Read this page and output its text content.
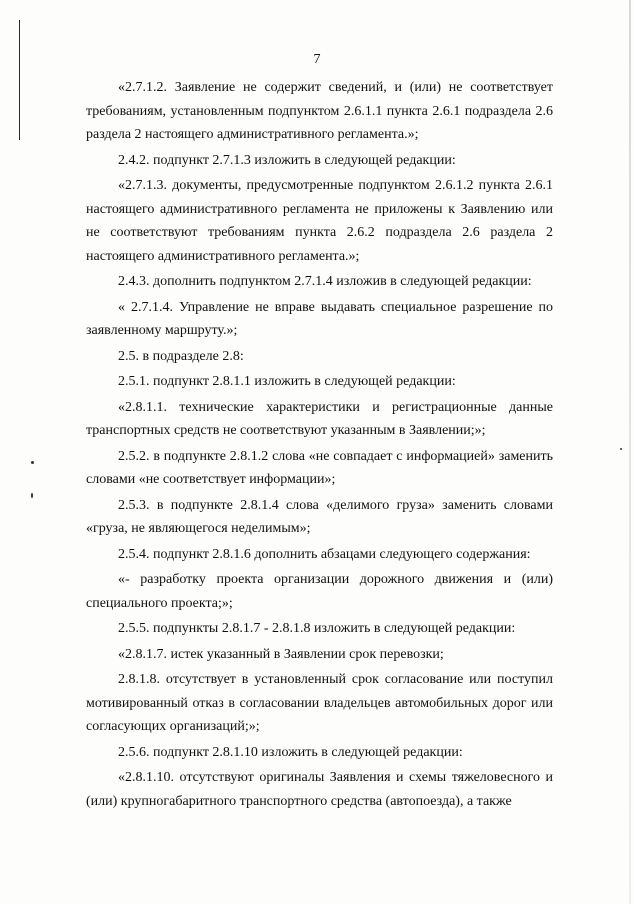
7

«2.7.1.2. Заявление не содержит сведений, и (или) не соответствует требованиям, установленным подпунктом 2.6.1.1 пункта 2.6.1 подраздела 2.6 раздела 2 настоящего административного регламента.»;

2.4.2. подпункт 2.7.1.3 изложить в следующей редакции:

«2.7.1.3. документы, предусмотренные подпунктом 2.6.1.2 пункта 2.6.1 настоящего административного регламента не приложены к Заявлению или не соответствуют требованиям пункта 2.6.2 подраздела 2.6 раздела 2 настоящего административного регламента.»;

2.4.3. дополнить подпунктом 2.7.1.4 изложив в следующей редакции:

« 2.7.1.4. Управление не вправе выдавать специальное разрешение по заявленному маршруту.»;

2.5. в подразделе 2.8:

2.5.1. подпункт 2.8.1.1 изложить в следующей редакции:

«2.8.1.1. технические характеристики и регистрационные данные транспортных средств не соответствуют указанным в Заявлении;»;

2.5.2. в подпункте 2.8.1.2 слова «не совпадает с информацией» заменить словами «не соответствует информации»;

2.5.3. в подпункте 2.8.1.4 слова «делимого груза» заменить словами «груза, не являющегося неделимым»;

2.5.4. подпункт 2.8.1.6 дополнить абзацами следующего содержания:

«- разработку проекта организации дорожного движения и (или) специального проекта;»;

2.5.5. подпункты 2.8.1.7 - 2.8.1.8 изложить в следующей редакции:

«2.8.1.7. истек указанный в Заявлении срок перевозки;

2.8.1.8. отсутствует в установленный срок согласование или поступил мотивированный отказ в согласовании владельцев автомобильных дорог или согласующих организаций;»;

2.5.6. подпункт 2.8.1.10 изложить в следующей редакции:

«2.8.1.10. отсутствуют оригиналы Заявления и схемы тяжеловесного и (или) крупногабаритного транспортного средства (автопоезда), а также
